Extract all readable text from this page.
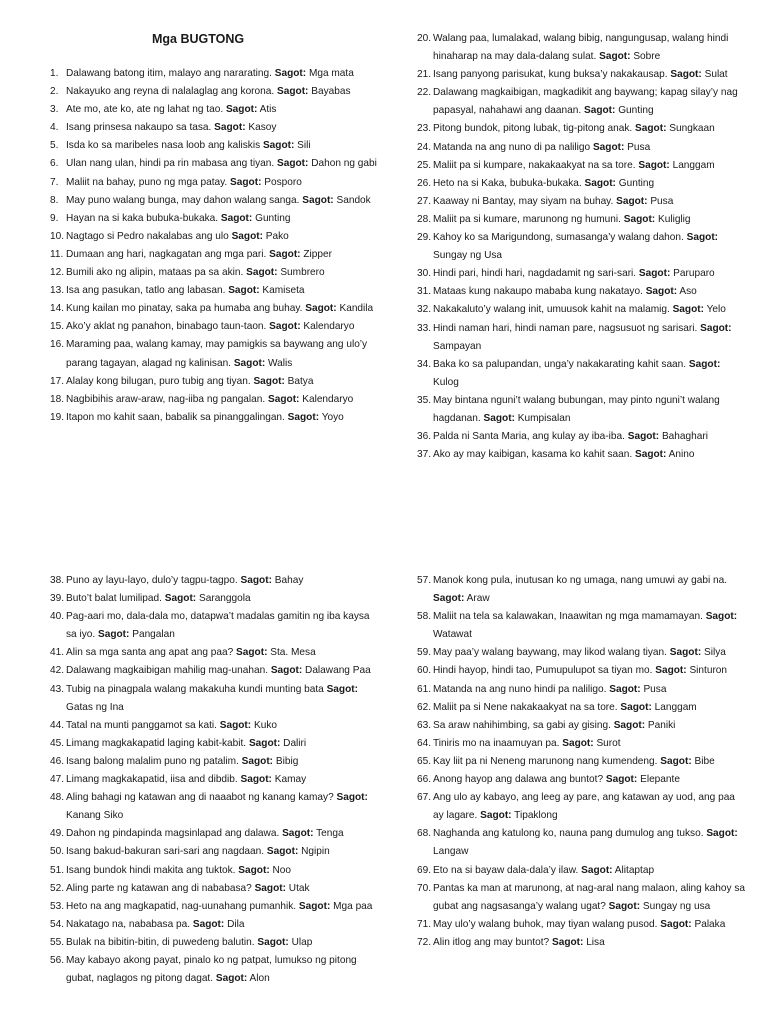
Mga BUGTONG
1. Dalawang batong itim, malayo ang nararating. Sagot: Mga mata
2. Nakayuko ang reyna di nalalaglag ang korona. Sagot: Bayabas
3. Ate mo, ate ko, ate ng lahat ng tao. Sagot: Atis
4. Isang prinsesa nakaupo sa tasa. Sagot: Kasoy
5. Isda ko sa maribeles nasa loob ang kaliskis Sagot: Sili
6. Ulan nang ulan, hindi pa rin mabasa ang tiyan. Sagot: Dahon ng gabi
7. Maliit na bahay, puno ng mga patay. Sagot: Posporo
8. May puno walang bunga, may dahon walang sanga. Sagot: Sandok
9. Hayan na si kaka bubuka-bukaka. Sagot: Gunting
10. Nagtago si Pedro nakalabas ang ulo Sagot: Pako
11. Dumaan ang hari, nagkagatan ang mga pari. Sagot: Zipper
12. Bumili ako ng alipin, mataas pa sa akin. Sagot: Sumbrero
13. Isa ang pasukan, tatlo ang labasan. Sagot: Kamiseta
14. Kung kailan mo pinatay, saka pa humaba ang buhay. Sagot: Kandila
15. Ako’y aklat ng panahon, binabago taun-taon. Sagot: Kalendaryo
16. Maraming paa, walang kamay, may pamigkis sa baywang ang ulo’y parang tagayan, alagad ng kalinisan. Sagot: Walis
17. Alalay kong bilugan, puro tubig ang tiyan. Sagot: Batya
18. Nagbibihis araw-araw, nag-iiba ng pangalan. Sagot: Kalendaryo
19. Itapon mo kahit saan, babalik sa pinanggalingan. Sagot: Yoyo
20. Walang paa, lumalakad, walang bibig, nangungusap, walang hindi hinaharap na may dala-dalang sulat. Sagot: Sobre
21. Isang panyong parisukat, kung buksa’y nakakausap. Sagot: Sulat
22. Dalawang magkaibigan, magkadikit ang baywang; kapag silay’y nag papasyal, nahahawi ang daanan. Sagot: Gunting
23. Pitong bundok, pitong lubak, tig-pitong anak. Sagot: Sungkaan
24. Matanda na ang nuno di pa naliligo Sagot: Pusa
25. Maliit pa si kumpare, nakakaakyat na sa tore. Sagot: Langgam
26. Heto na si Kaka, bubuka-bukaka. Sagot: Gunting
27. Kaaway ni Bantay, may siyam na buhay. Sagot: Pusa
28. Maliit pa si kumare, marunong ng humuni. Sagot: Kuliglig
29. Kahoy ko sa Marigundong, sumasanga’y walang dahon. Sagot: Sungay ng Usa
30. Hindi pari, hindi hari, nagdadamit ng sari-sari. Sagot: Paruparo
31. Mataas kung nakaupo mababa kung nakatayo. Sagot: Aso
32. Nakakaluto’y walang init, umuusok kahit na malamig. Sagot: Yelo
33. Hindi naman hari, hindi naman pare, nagsusuot ng sarisari. Sagot: Sampayan
34. Baka ko sa palupandan, unga’y nakakarating kahit saan. Sagot: Kulog
35. May bintana nguni’t walang bubungan, may pinto nguni’t walang hagdanan. Sagot: Kumpisalan
36. Palda ni Santa Maria, ang kulay ay iba-iba. Sagot: Bahaghari
37. Ako ay may kaibigan, kasama ko kahit saan. Sagot: Anino
38. Puno ay layu-layo, dulo’y tagpu-tagpo. Sagot: Bahay
39. Buto’t balat lumilipad. Sagot: Saranggola
40. Pag-aari mo, dala-dala mo, datapwa’t madalas gamitin ng iba kaysa sa iyo. Sagot: Pangalan
41. Alin sa mga santa ang apat ang paa? Sagot: Sta. Mesa
42. Dalawang magkaibigan mahilig mag-unahan. Sagot: Dalawang Paa
43. Tubig na pinagpala walang makakuha kundi munting bata Sagot: Gatas ng Ina
44. Tatal na munti panggamot sa kati. Sagot: Kuko
45. Limang magkakapatid laging kabit-kabit. Sagot: Daliri
46. Isang balong malalim puno ng patalim. Sagot: Bibig
47. Limang magkakapatid, iisa and dibdib. Sagot: Kamay
48. Aling bahagi ng katawan ang di naaabot ng kanang kamay? Sagot: Kanang Siko
49. Dahon ng pindapinda magsinlapad ang dalawa. Sagot: Tenga
50. Isang bakud-bakuran sari-sari ang nagdaan. Sagot: Ngipin
51. Isang bundok hindi makita ang tuktok. Sagot: Noo
52. Aling parte ng katawan ang di nababasa? Sagot: Utak
53. Heto na ang magkapatid, nag-uunahang pumanhik. Sagot: Mga paa
54. Nakatago na, nababasa pa. Sagot: Dila
55. Bulak na bibitin-bitin, di puwedeng balutin. Sagot: Ulap
56. May kabayo akong payat, pinalo ko ng patpat, lumukso ng pitong gubat, naglagos ng pitong dagat. Sagot: Alon
57. Manok kong pula, inutusan ko ng umaga, nang umuwi ay gabi na. Sagot: Araw
58. Maliit na tela sa kalawakan, Inaawitan ng mga mamamayan. Sagot: Watawat
59. May paa’y walang baywang, may likod walang tiyan. Sagot: Silya
60. Hindi hayop, hindi tao, Pumupulupot sa tiyan mo. Sagot: Sinturon
61. Matanda na ang nuno hindi pa naliligo. Sagot: Pusa
62. Maliit pa si Nene nakakaakyat na sa tore. Sagot: Langgam
63. Sa araw nahihimbing, sa gabi ay gising. Sagot: Paniki
64. Tiniris mo na inaamuyan pa. Sagot: Surot
65. Kay liit pa ni Neneng marunong nang kumendeng. Sagot: Bibe
66. Anong hayop ang dalawa ang buntot? Sagot: Elepante
67. Ang ulo ay kabayo, ang leeg ay pare, ang katawan ay uod, ang paa ay lagare. Sagot: Tipaklong
68. Naghanda ang katulong ko, nauna pang dumulog ang tukso. Sagot: Langaw
69. Eto na si bayaw dala-dala’y ilaw. Sagot: Alitaptap
70. Pantas ka man at marunong, at nag-aral nang malaon, aling kahoy sa gubat ang nagsasanga’y walang ugat? Sagot: Sungay ng usa
71. May ulo’y walang buhok, may tiyan walang pusod. Sagot: Palaka
72. Alin itlog ang may buntot? Sagot: Lisa
